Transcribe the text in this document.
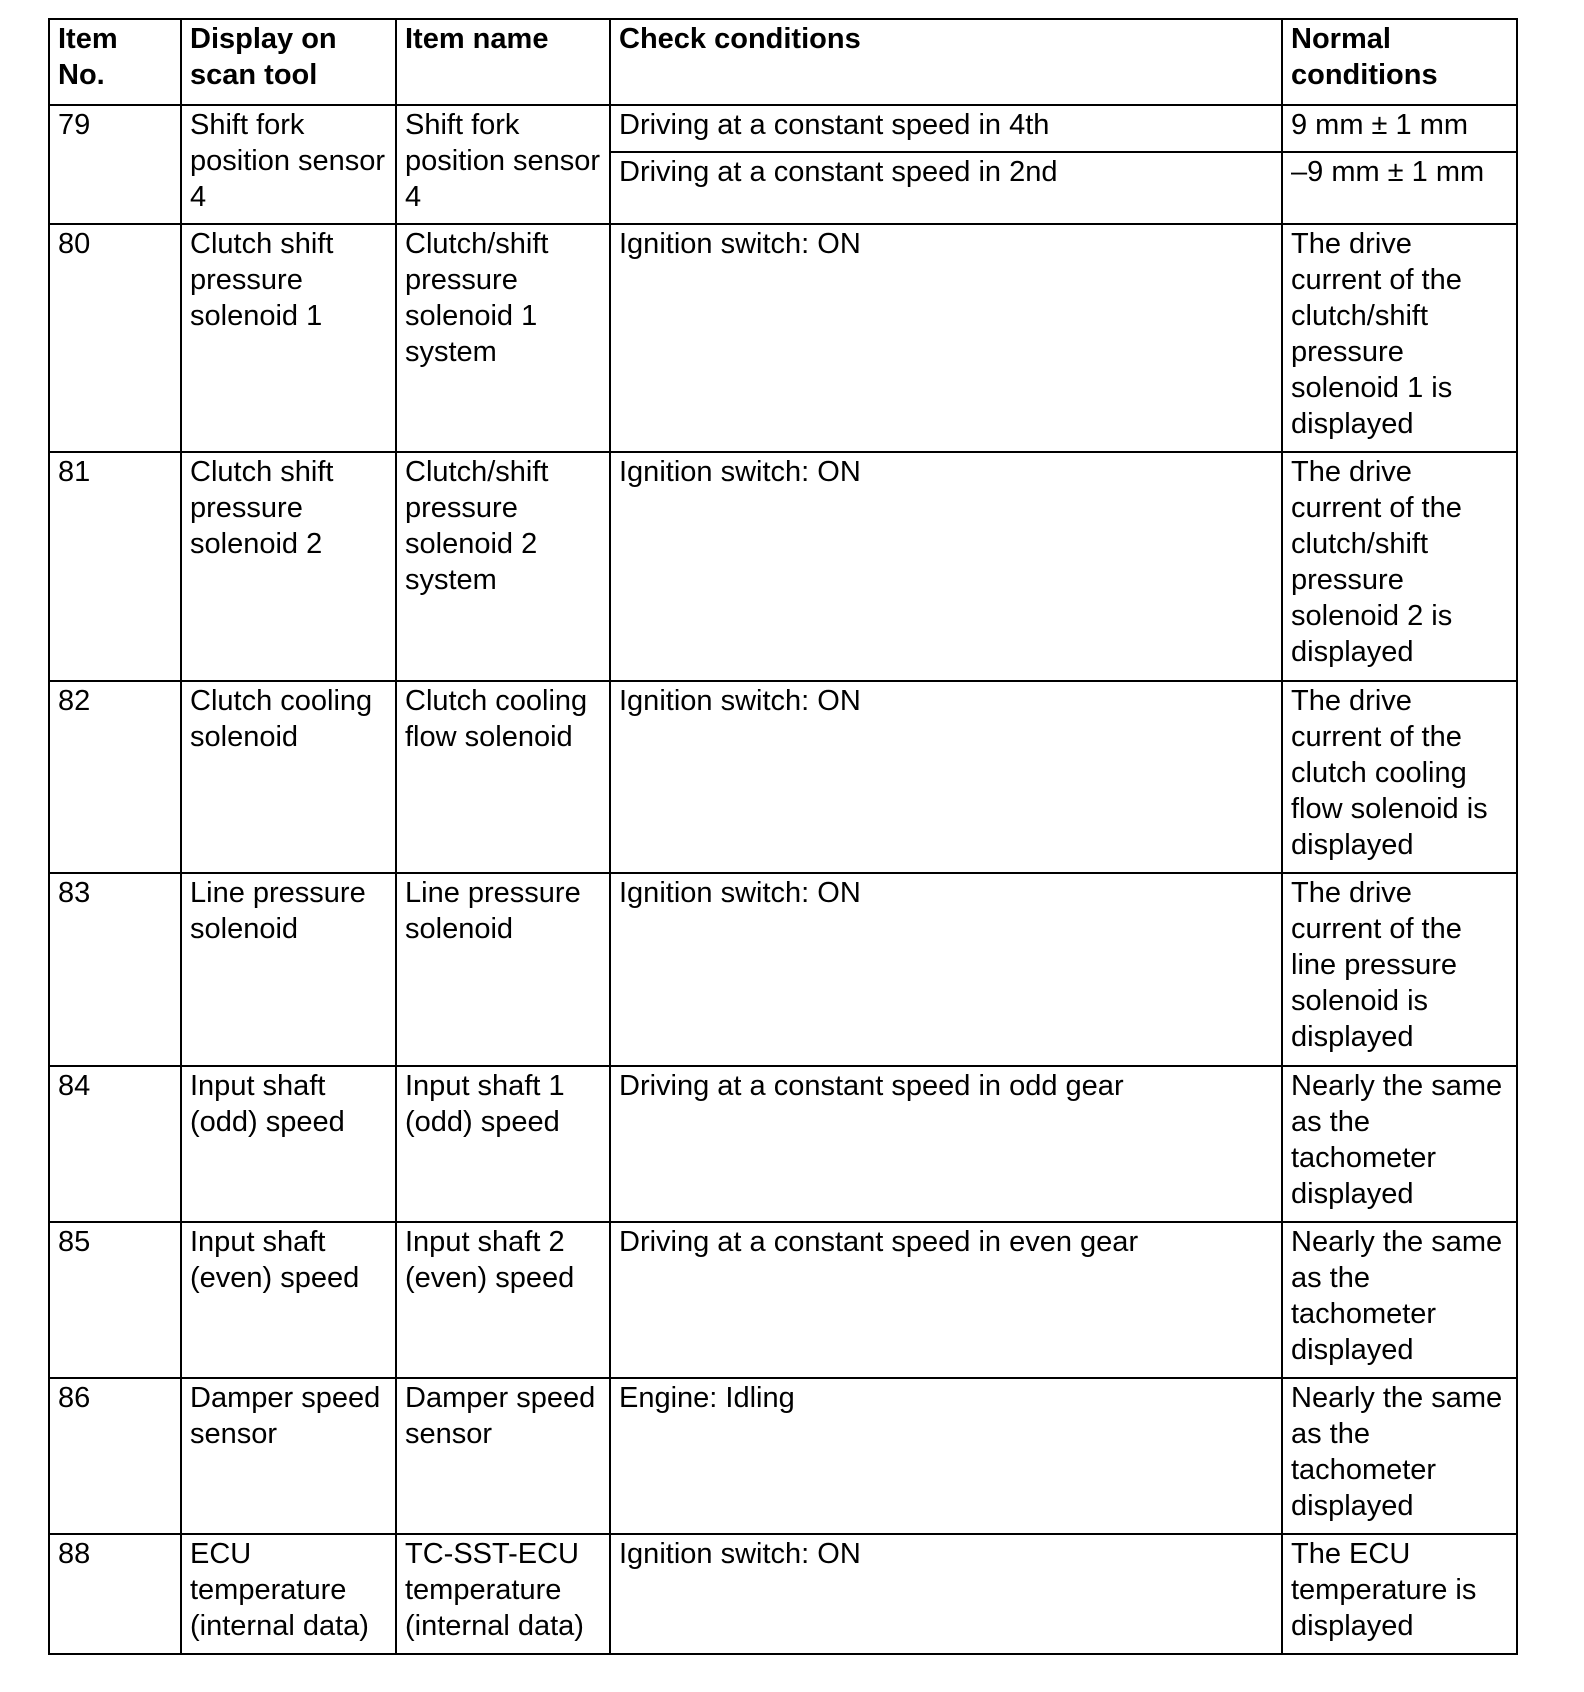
Item No.	Display on scan tool	Item name	Check conditions	Normal conditions
79	Shift fork position sensor 4	Shift fork position sensor 4	Driving at a constant speed in 4th	9 mm ± 1 mm
			Driving at a constant speed in 2nd	–9 mm ± 1 mm
80	Clutch shift pressure solenoid 1	Clutch/shift pressure solenoid 1 system	Ignition switch: ON	The drive current of the clutch/shift pressure solenoid 1 is displayed
81	Clutch shift pressure solenoid 2	Clutch/shift pressure solenoid 2 system	Ignition switch: ON	The drive current of the clutch/shift pressure solenoid 2 is displayed
82	Clutch cooling solenoid	Clutch cooling flow solenoid	Ignition switch: ON	The drive current of the clutch cooling flow solenoid is displayed
83	Line pressure solenoid	Line pressure solenoid	Ignition switch: ON	The drive current of the line pressure solenoid is displayed
84	Input shaft (odd) speed	Input shaft 1 (odd) speed	Driving at a constant speed in odd gear	Nearly the same as the tachometer displayed
85	Input shaft (even) speed	Input shaft 2 (even) speed	Driving at a constant speed in even gear	Nearly the same as the tachometer displayed
86	Damper speed sensor	Damper speed sensor	Engine: Idling	Nearly the same as the tachometer displayed
88	ECU temperature (internal data)	TC-SST-ECU temperature (internal data)	Ignition switch: ON	The ECU temperature is displayed
